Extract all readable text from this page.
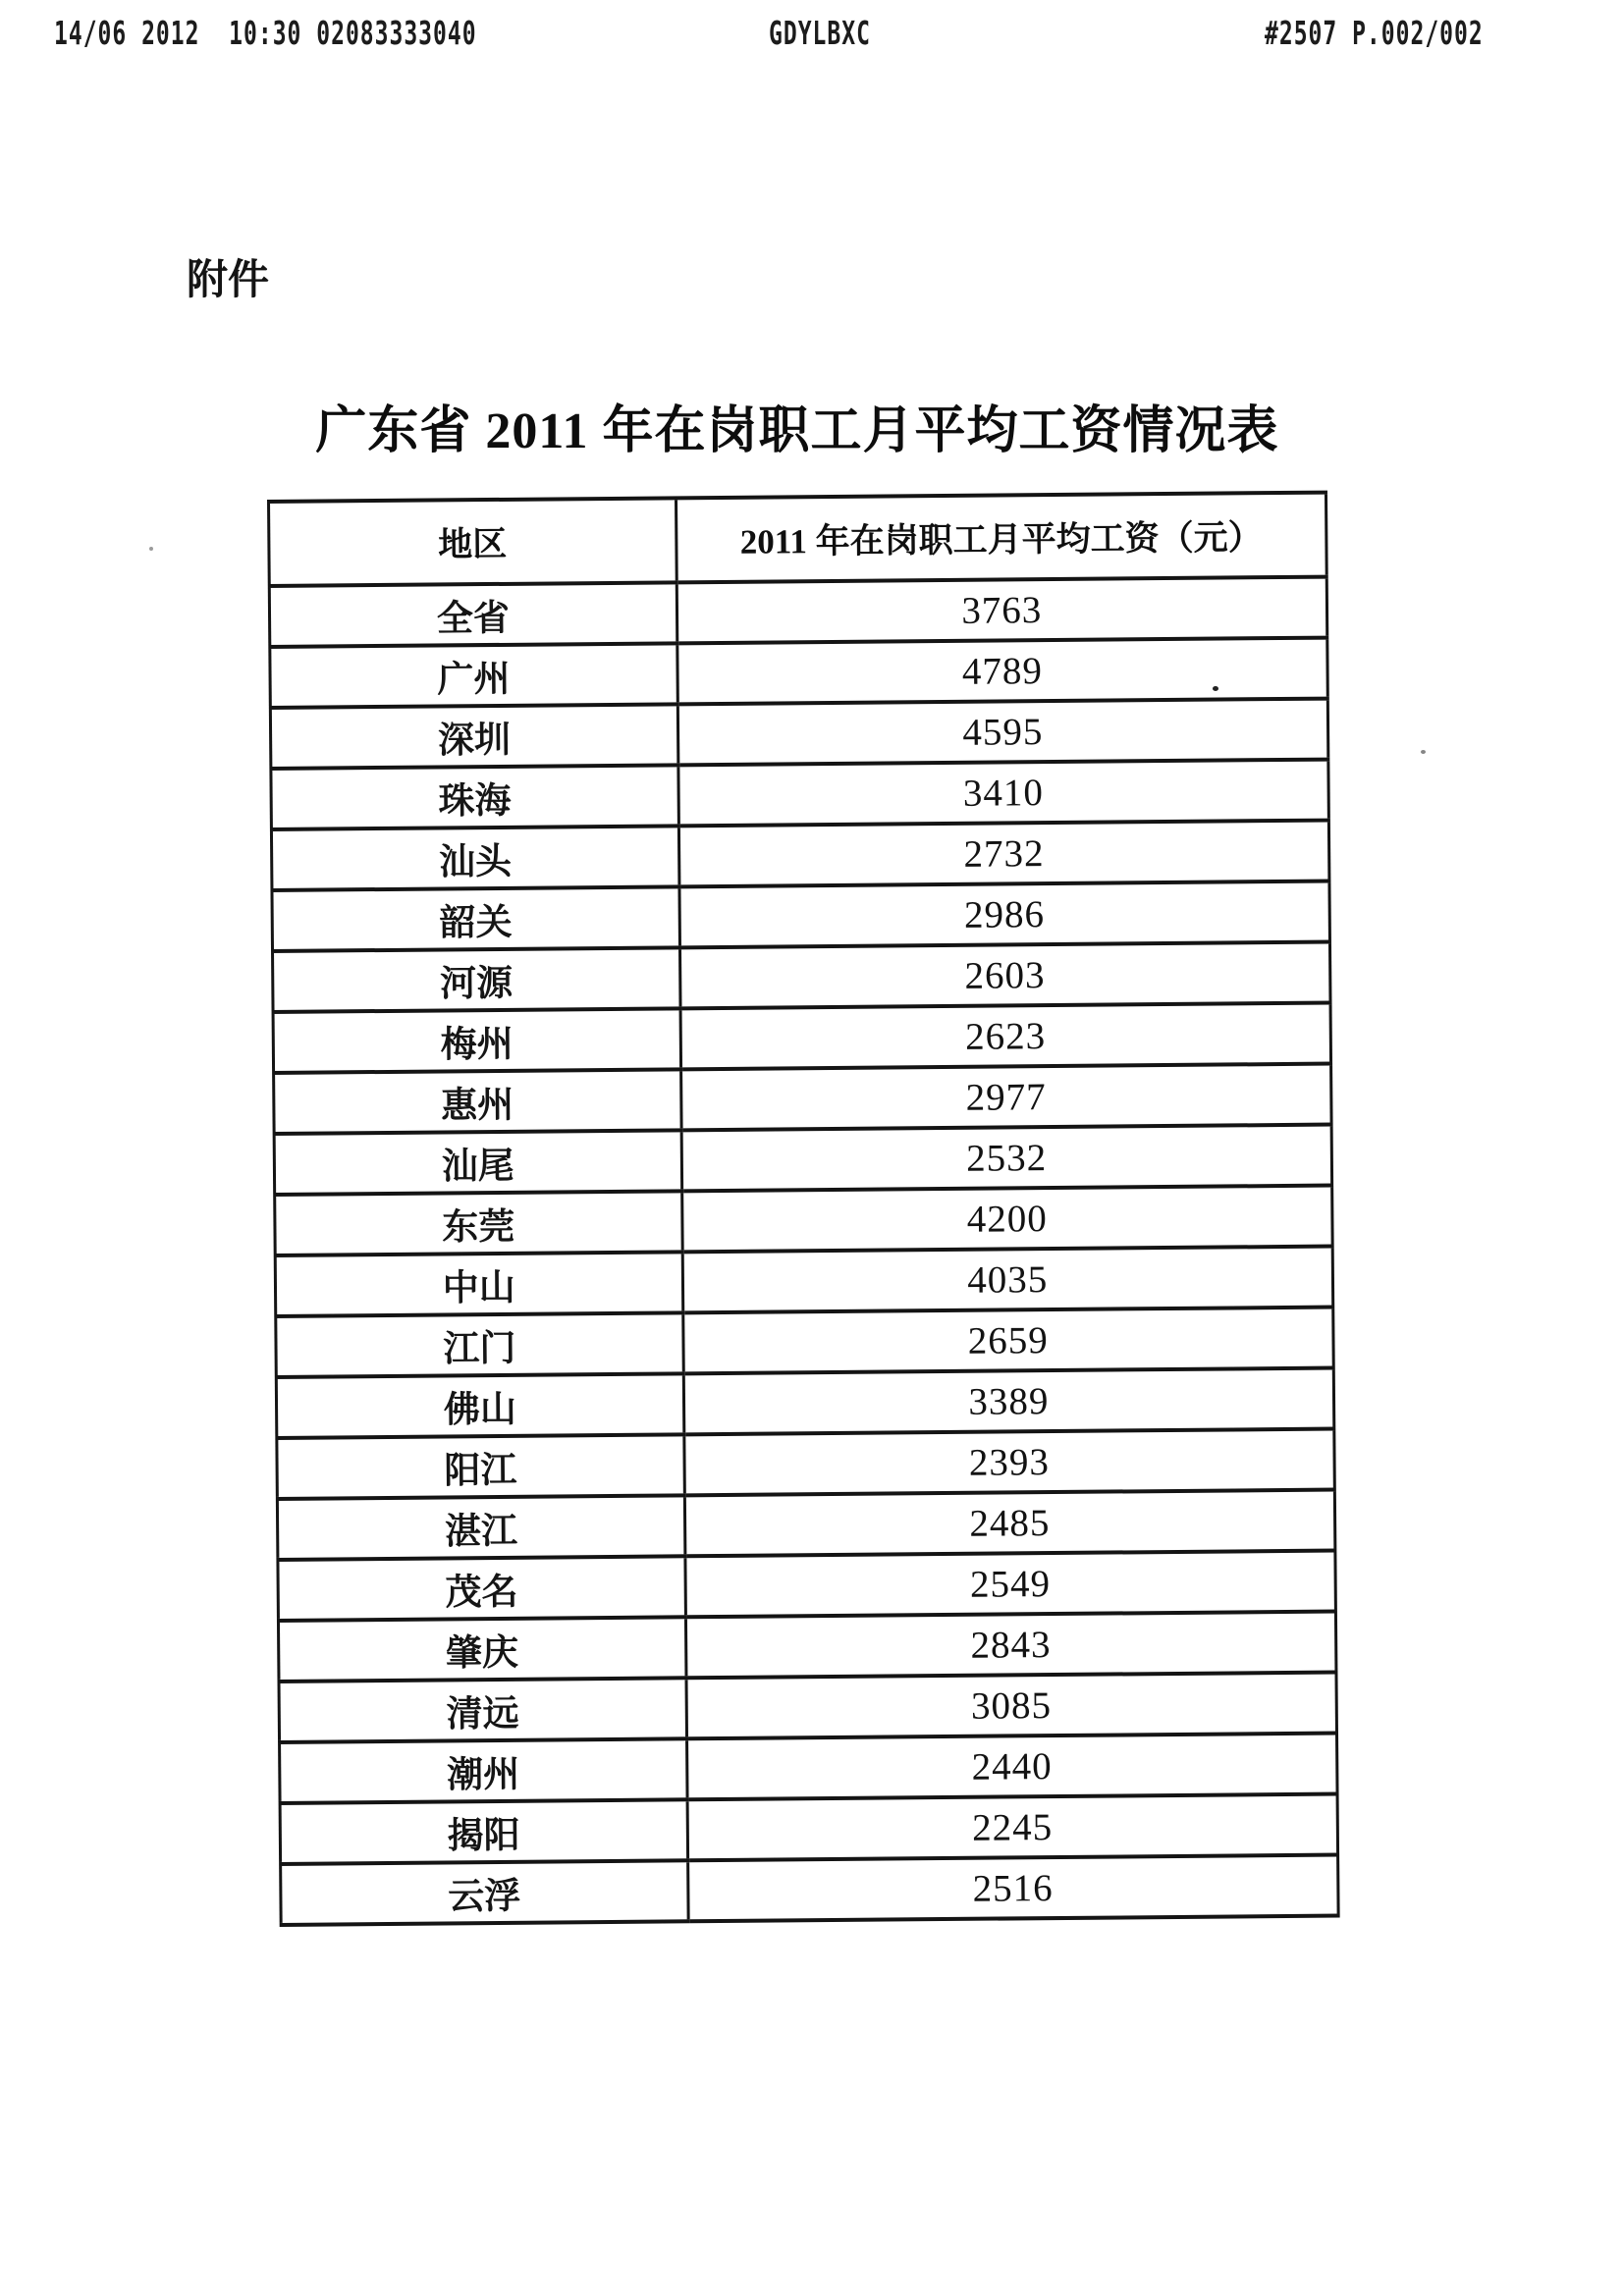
14/06 2012  10:30 02083333040	GDYLBXC	#2507 P.002/002
附件
广东省 2011 年在岗职工月平均工资情况表
地区	2011 年在岗职工月平均工资（元）
全省	3763
广州	4789
深圳	4595
珠海	3410
汕头	2732
韶关	2986
河源	2603
梅州	2623
惠州	2977
汕尾	2532
东莞	4200
中山	4035
江门	2659
佛山	3389
阳江	2393
湛江	2485
茂名	2549
肇庆	2843
清远	3085
潮州	2440
揭阳	2245
云浮	2516
